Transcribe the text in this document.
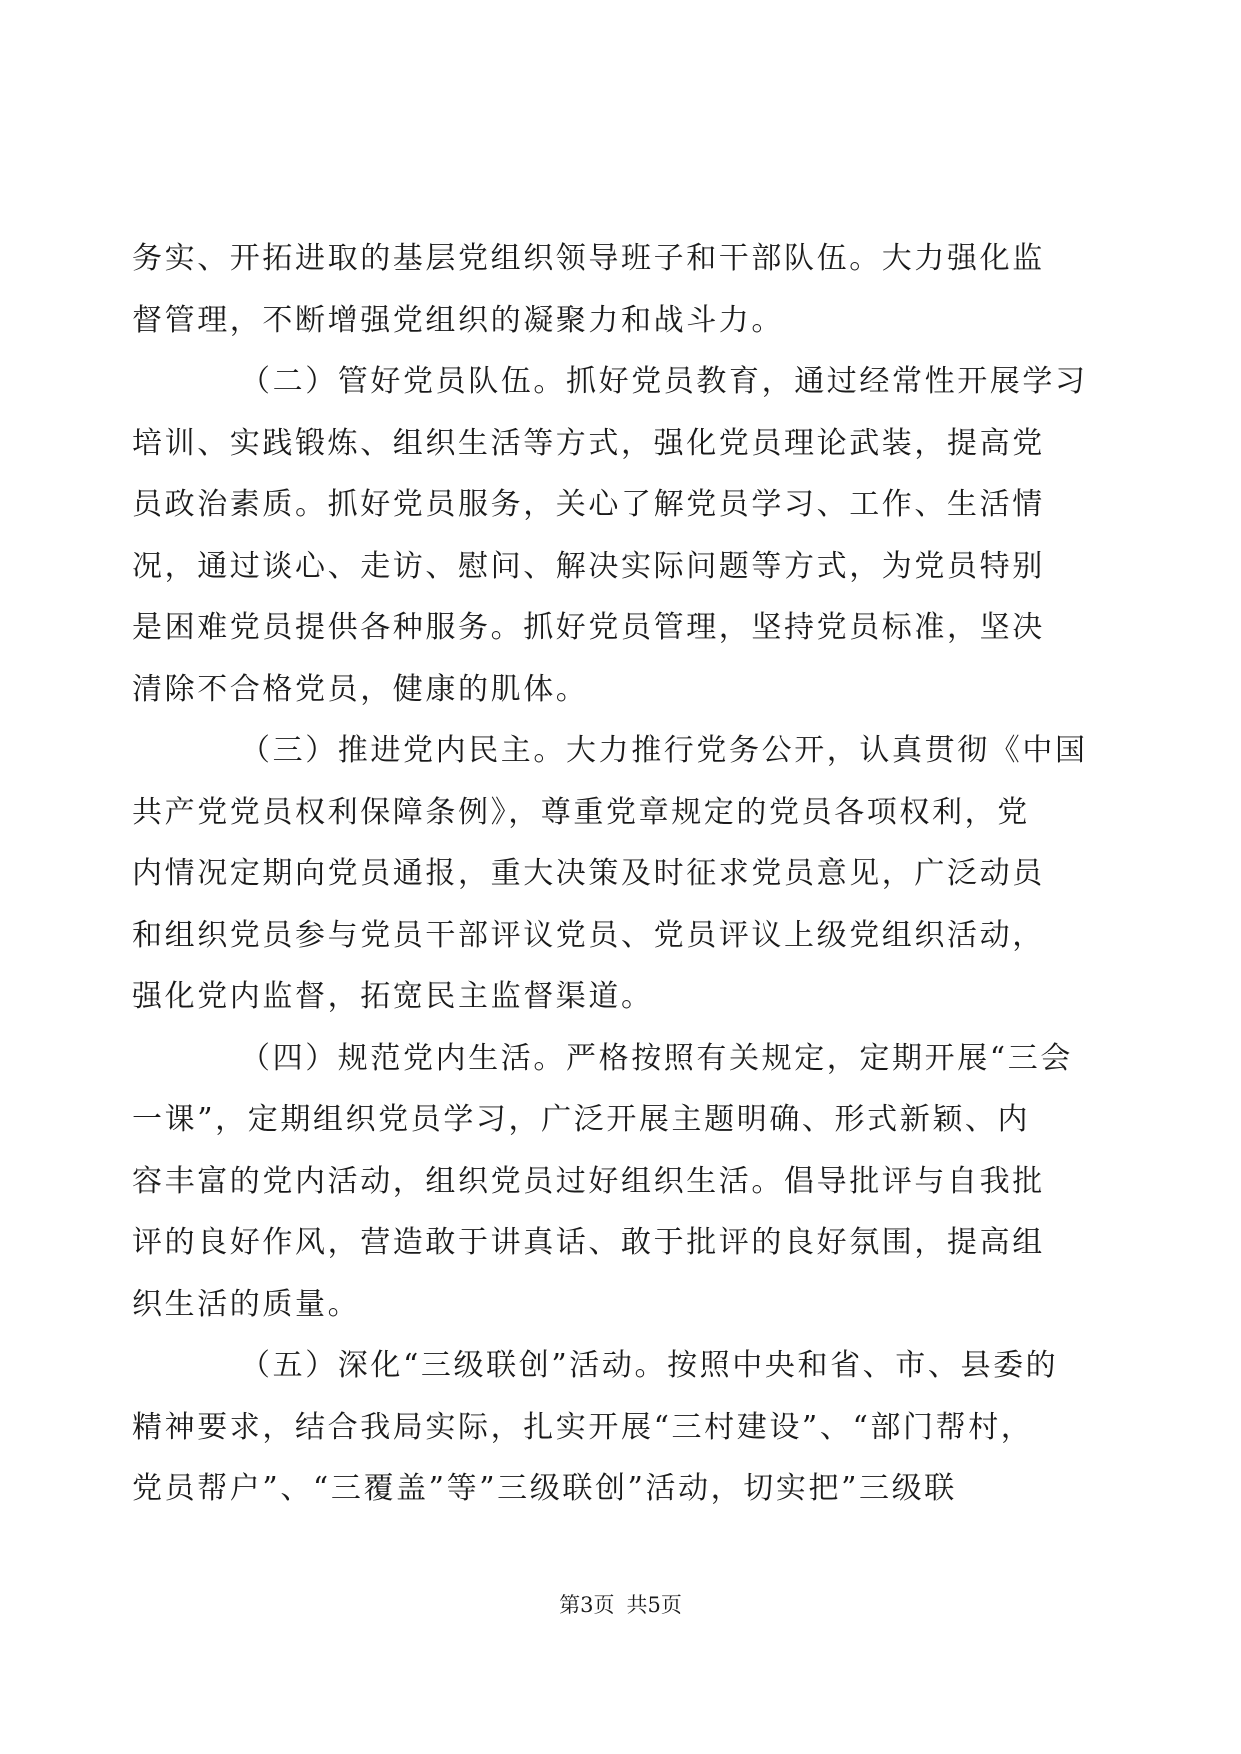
务实、开拓进取的基层党组织领导班子和干部队伍。大力强化监
督管理，不断增强党组织的凝聚力和战斗力。
（二）管好党员队伍。抓好党员教育，通过经常性开展学习
培训、实践锻炼、组织生活等方式，强化党员理论武装，提高党
员政治素质。抓好党员服务，关心了解党员学习、工作、生活情
况，通过谈心、走访、慰问、解决实际问题等方式，为党员特别
是困难党员提供各种服务。抓好党员管理，坚持党员标准，坚决
清除不合格党员，健康的肌体。
（三）推进党内民主。大力推行党务公开，认真贯彻《中国
共产党党员权利保障条例》，尊重党章规定的党员各项权利，党
内情况定期向党员通报，重大决策及时征求党员意见，广泛动员
和组织党员参与党员干部评议党员、党员评议上级党组织活动，
强化党内监督，拓宽民主监督渠道。
（四）规范党内生活。严格按照有关规定，定期开展“三会
一课”，定期组织党员学习，广泛开展主题明确、形式新颖、内
容丰富的党内活动，组织党员过好组织生活。倡导批评与自我批
评的良好作风，营造敢于讲真话、敢于批评的良好氛围，提高组
织生活的质量。
（五）深化“三级联创”活动。按照中央和省、市、县委的
精神要求，结合我局实际，扎实开展“三村建设”、“部门帮村，
党员帮户”、“三覆盖”等”三级联创”活动，切实把”三级联
第3页 共5页
